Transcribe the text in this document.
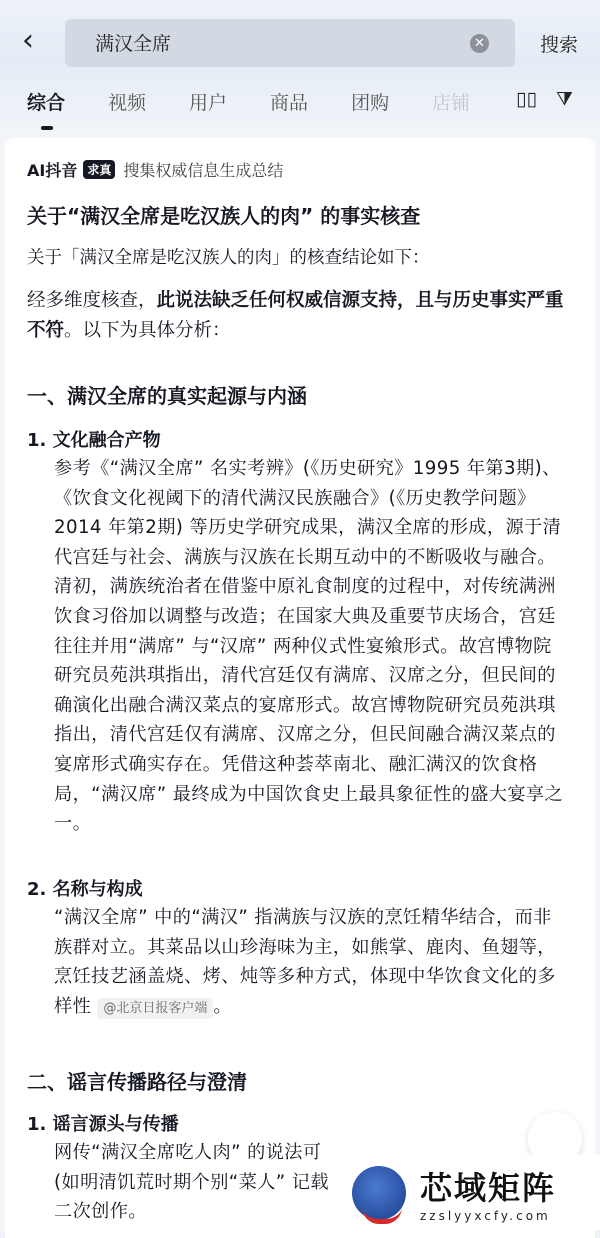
‹
满汉全席	✕	搜索
综合 视频 用户 商品 团购 店铺 ▯▯ ⧩
AI抖音 求真 搜集权威信息生成总结
关于“满汉全席是吃汉族人的肉” 的事实核查

关于「满汉全席是吃汉族人的肉」的核查结论如下：

经多维度核查，此说法缺乏任何权威信源支持，且与历史事实严重不符。以下为具体分析：

一、满汉全席的真实起源与内涵
1. 文化融合产物
参考《“满汉全席” 名实考辨》(《历史研究》1995 年第3期)、《饮食文化视阈下的清代满汉民族融合》(《历史教学问题》2014 年第2期) 等历史学研究成果，满汉全席的形成，源于清代宫廷与社会、满族与汉族在长期互动中的不断吸收与融合。清初，满族统治者在借鉴中原礼食制度的过程中，对传统满洲饮食习俗加以调整与改造；在国家大典及重要节庆场合，宫廷往往并用“满席” 与“汉席” 两种仪式性宴飨形式。故宫博物院研究员苑洪琪指出，清代宫廷仅有满席、汉席之分，但民间的确演化出融合满汉菜点的宴席形式。故宫博物院研究员苑洪琪指出，清代宫廷仅有满席、汉席之分，但民间融合满汉菜点的宴席形式确实存在。凭借这种荟萃南北、融汇满汉的饮食格局，“满汉席” 最终成为中国饮食史上最具象征性的盛大宴享之一。
2. 名称与构成
“满汉全席” 中的“满汉” 指满族与汉族的烹饪精华结合，而非族群对立。其菜品以山珍海味为主，如熊掌、鹿肉、鱼翅等，烹饪技艺涵盖烧、烤、炖等多种方式，体现中华饮食文化的多样性 @北京日报客户端 。
二、谣言传播路径与澄清
1. 谣言源头与传播
网传“满汉全席吃人肉” 的说法可
(如明清饥荒时期个别“菜人” 记载
二次创作。
芯域矩阵
zzslyyxcfy.com
